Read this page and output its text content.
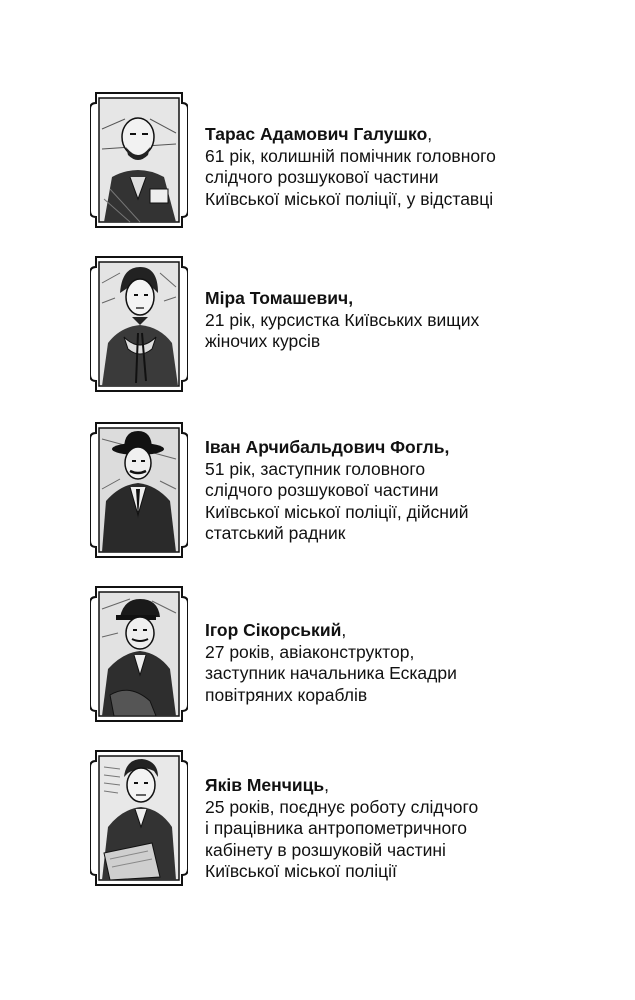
Тарас Адамович Галушко,
61 рік, колишній помічник головного
слідчого розшукової частини
Київської міської поліції, у відставці
Міра Томашевич,
21 рік, курсистка Київських вищих
жіночих курсів
Іван Арчибальдович Фогль,
51 рік, заступник головного
слідчого розшукової частини
Київської міської поліції, дійсний
статський радник
Ігор Сікорський,
27 років, авіаконструктор,
заступник начальника Ескадри
повітряних кораблів
Яків Менчиць,
25 років, поєднує роботу слідчого
і працівника антропометричного
кабінету в розшуковій частині
Київської міської поліції
